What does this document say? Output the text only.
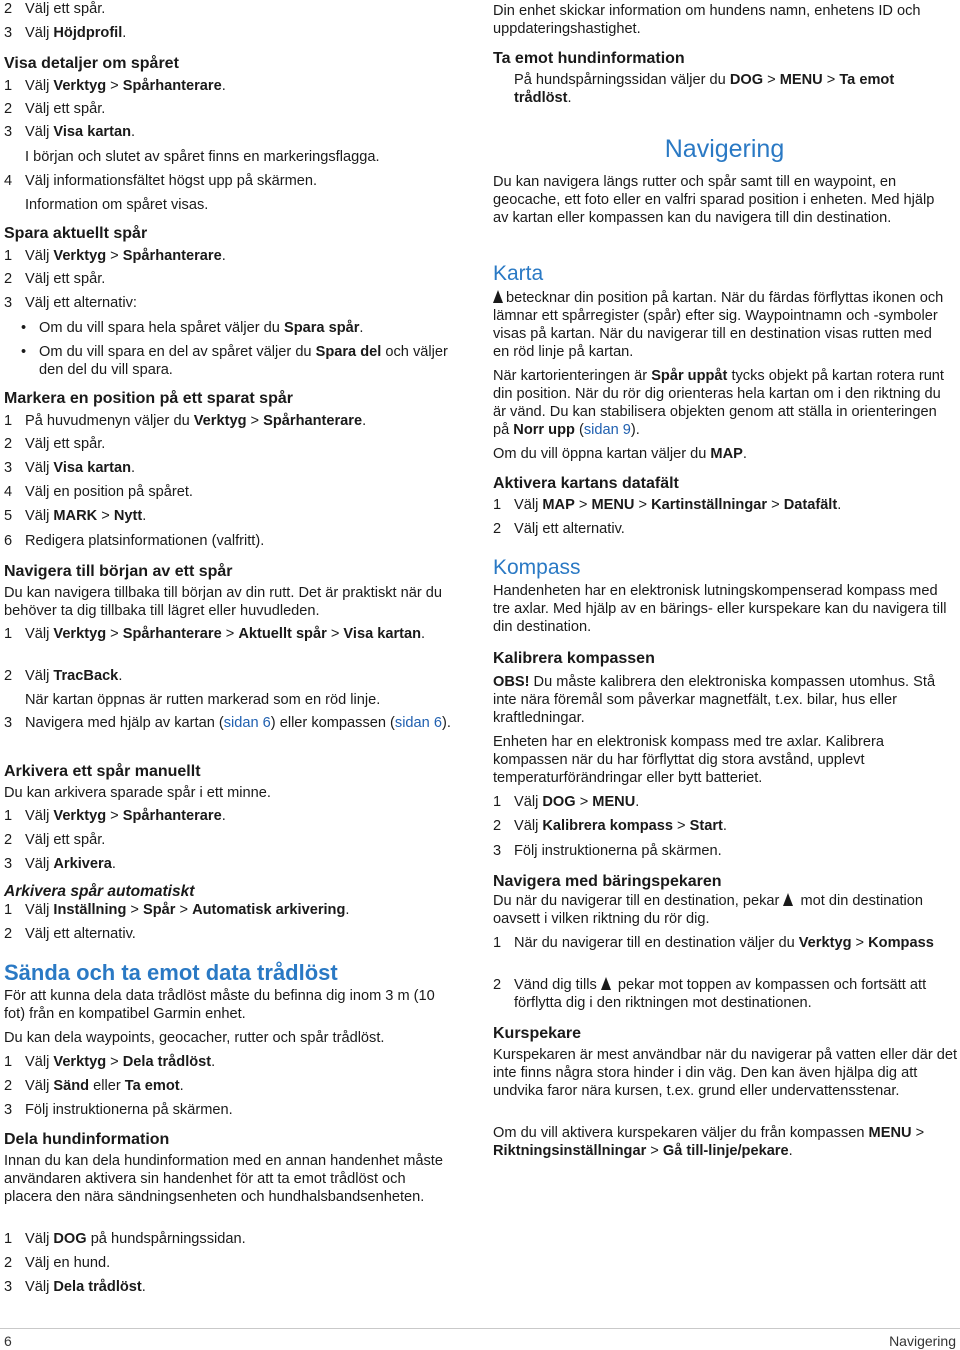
2 Välj ett spår.
3 Välj Höjdprofil.
Visa detaljer om spåret
1 Välj Verktyg > Spårhanterare.
2 Välj ett spår.
3 Välj Visa kartan.
I början och slutet av spåret finns en markeringsflagga.
4 Välj informationsfältet högst upp på skärmen.
Information om spåret visas.
Spara aktuellt spår
1 Välj Verktyg > Spårhanterare.
2 Välj ett spår.
3 Välj ett alternativ:
• Om du vill spara hela spåret väljer du Spara spår.
• Om du vill spara en del av spåret väljer du Spara del och väljer den del du vill spara.
Markera en position på ett sparat spår
1 På huvudmenyn väljer du Verktyg > Spårhanterare.
2 Välj ett spår.
3 Välj Visa kartan.
4 Välj en position på spåret.
5 Välj MARK > Nytt.
6 Redigera platsinformationen (valfritt).
Navigera till början av ett spår
Du kan navigera tillbaka till början av din rutt. Det är praktiskt när du behöver ta dig tillbaka till lägret eller huvudleden.
1 Välj Verktyg > Spårhanterare > Aktuellt spår > Visa kartan.
2 Välj TracBack.
När kartan öppnas är rutten markerad som en röd linje.
3 Navigera med hjälp av kartan (sidan 6) eller kompassen (sidan 6).
Arkivera ett spår manuellt
Du kan arkivera sparade spår i ett minne.
1 Välj Verktyg > Spårhanterare.
2 Välj ett spår.
3 Välj Arkivera.
Arkivera spår automatiskt
1 Välj Inställning > Spår > Automatisk arkivering.
2 Välj ett alternativ.
Sända och ta emot data trådlöst
För att kunna dela data trådlöst måste du befinna dig inom 3 m (10 fot) från en kompatibel Garmin enhet.
Du kan dela waypoints, geocacher, rutter och spår trådlöst.
1 Välj Verktyg > Dela trådlöst.
2 Välj Sänd eller Ta emot.
3 Följ instruktionerna på skärmen.
Dela hundinformation
Innan du kan dela hundinformation med en annan handenhet måste användaren aktivera sin handenhet för att ta emot trådlöst och placera den nära sändningsenheten och hundhalsbandsenheten.
1 Välj DOG på hundspårningssidan.
2 Välj en hund.
3 Välj Dela trådlöst.
Din enhet skickar information om hundens namn, enhetens ID och uppdateringshastighet.
Ta emot hundinformation
På hundspårningssidan väljer du DOG > MENU > Ta emot trådlöst.
Navigering
Du kan navigera längs rutter och spår samt till en waypoint, en geocache, ett foto eller en valfri sparad position i enheten. Med hjälp av kartan eller kompassen kan du navigera till din destination.
Karta
betecknar din position på kartan. När du färdas förflyttas ikonen och lämnar ett spårregister (spår) efter sig. Waypointnamn och -symboler visas på kartan. När du navigerar till en destination visas rutten med en röd linje på kartan.
När kartorienteringen är Spår uppåt tycks objekt på kartan rotera runt din position. När du rör dig orienteras hela kartan om i den riktning du är vänd. Du kan stabilisera objekten genom att ställa in orienteringen på Norr upp (sidan 9).
Om du vill öppna kartan väljer du MAP.
Aktivera kartans datafält
1 Välj MAP > MENU > Kartinställningar > Datafält.
2 Välj ett alternativ.
Kompass
Handenheten har en elektronisk lutningskompenserad kompass med tre axlar. Med hjälp av en bärings- eller kurspekare kan du navigera till din destination.
Kalibrera kompassen
OBS! Du måste kalibrera den elektroniska kompassen utomhus. Stå inte nära föremål som påverkar magnetfält, t.ex. bilar, hus eller kraftledningar.
Enheten har en elektronisk kompass med tre axlar. Kalibrera kompassen när du har förflyttat dig stora avstånd, upplevt temperaturförändringar eller bytt batteriet.
1 Välj DOG > MENU.
2 Välj Kalibrera kompass > Start.
3 Följ instruktionerna på skärmen.
Navigera med bäringspekaren
Du när du navigerar till en destination, pekar  mot din destination oavsett i vilken riktning du rör dig.
1 När du navigerar till en destination väljer du Verktyg > Kompass
2 Vänd dig tills  pekar mot toppen av kompassen och fortsätt att förflytta dig i den riktningen mot destinationen.
Kurspekare
Kurspekaren är mest användbar när du navigerar på vatten eller där det inte finns några stora hinder i din väg. Den kan även hjälpa dig att undvika faror nära kursen, t.ex. grund eller undervattensstenar.
Om du vill aktivera kurspekaren väljer du från kompassen MENU > Riktningsinställningar > Gå till-linje/pekare.
6	Navigering
